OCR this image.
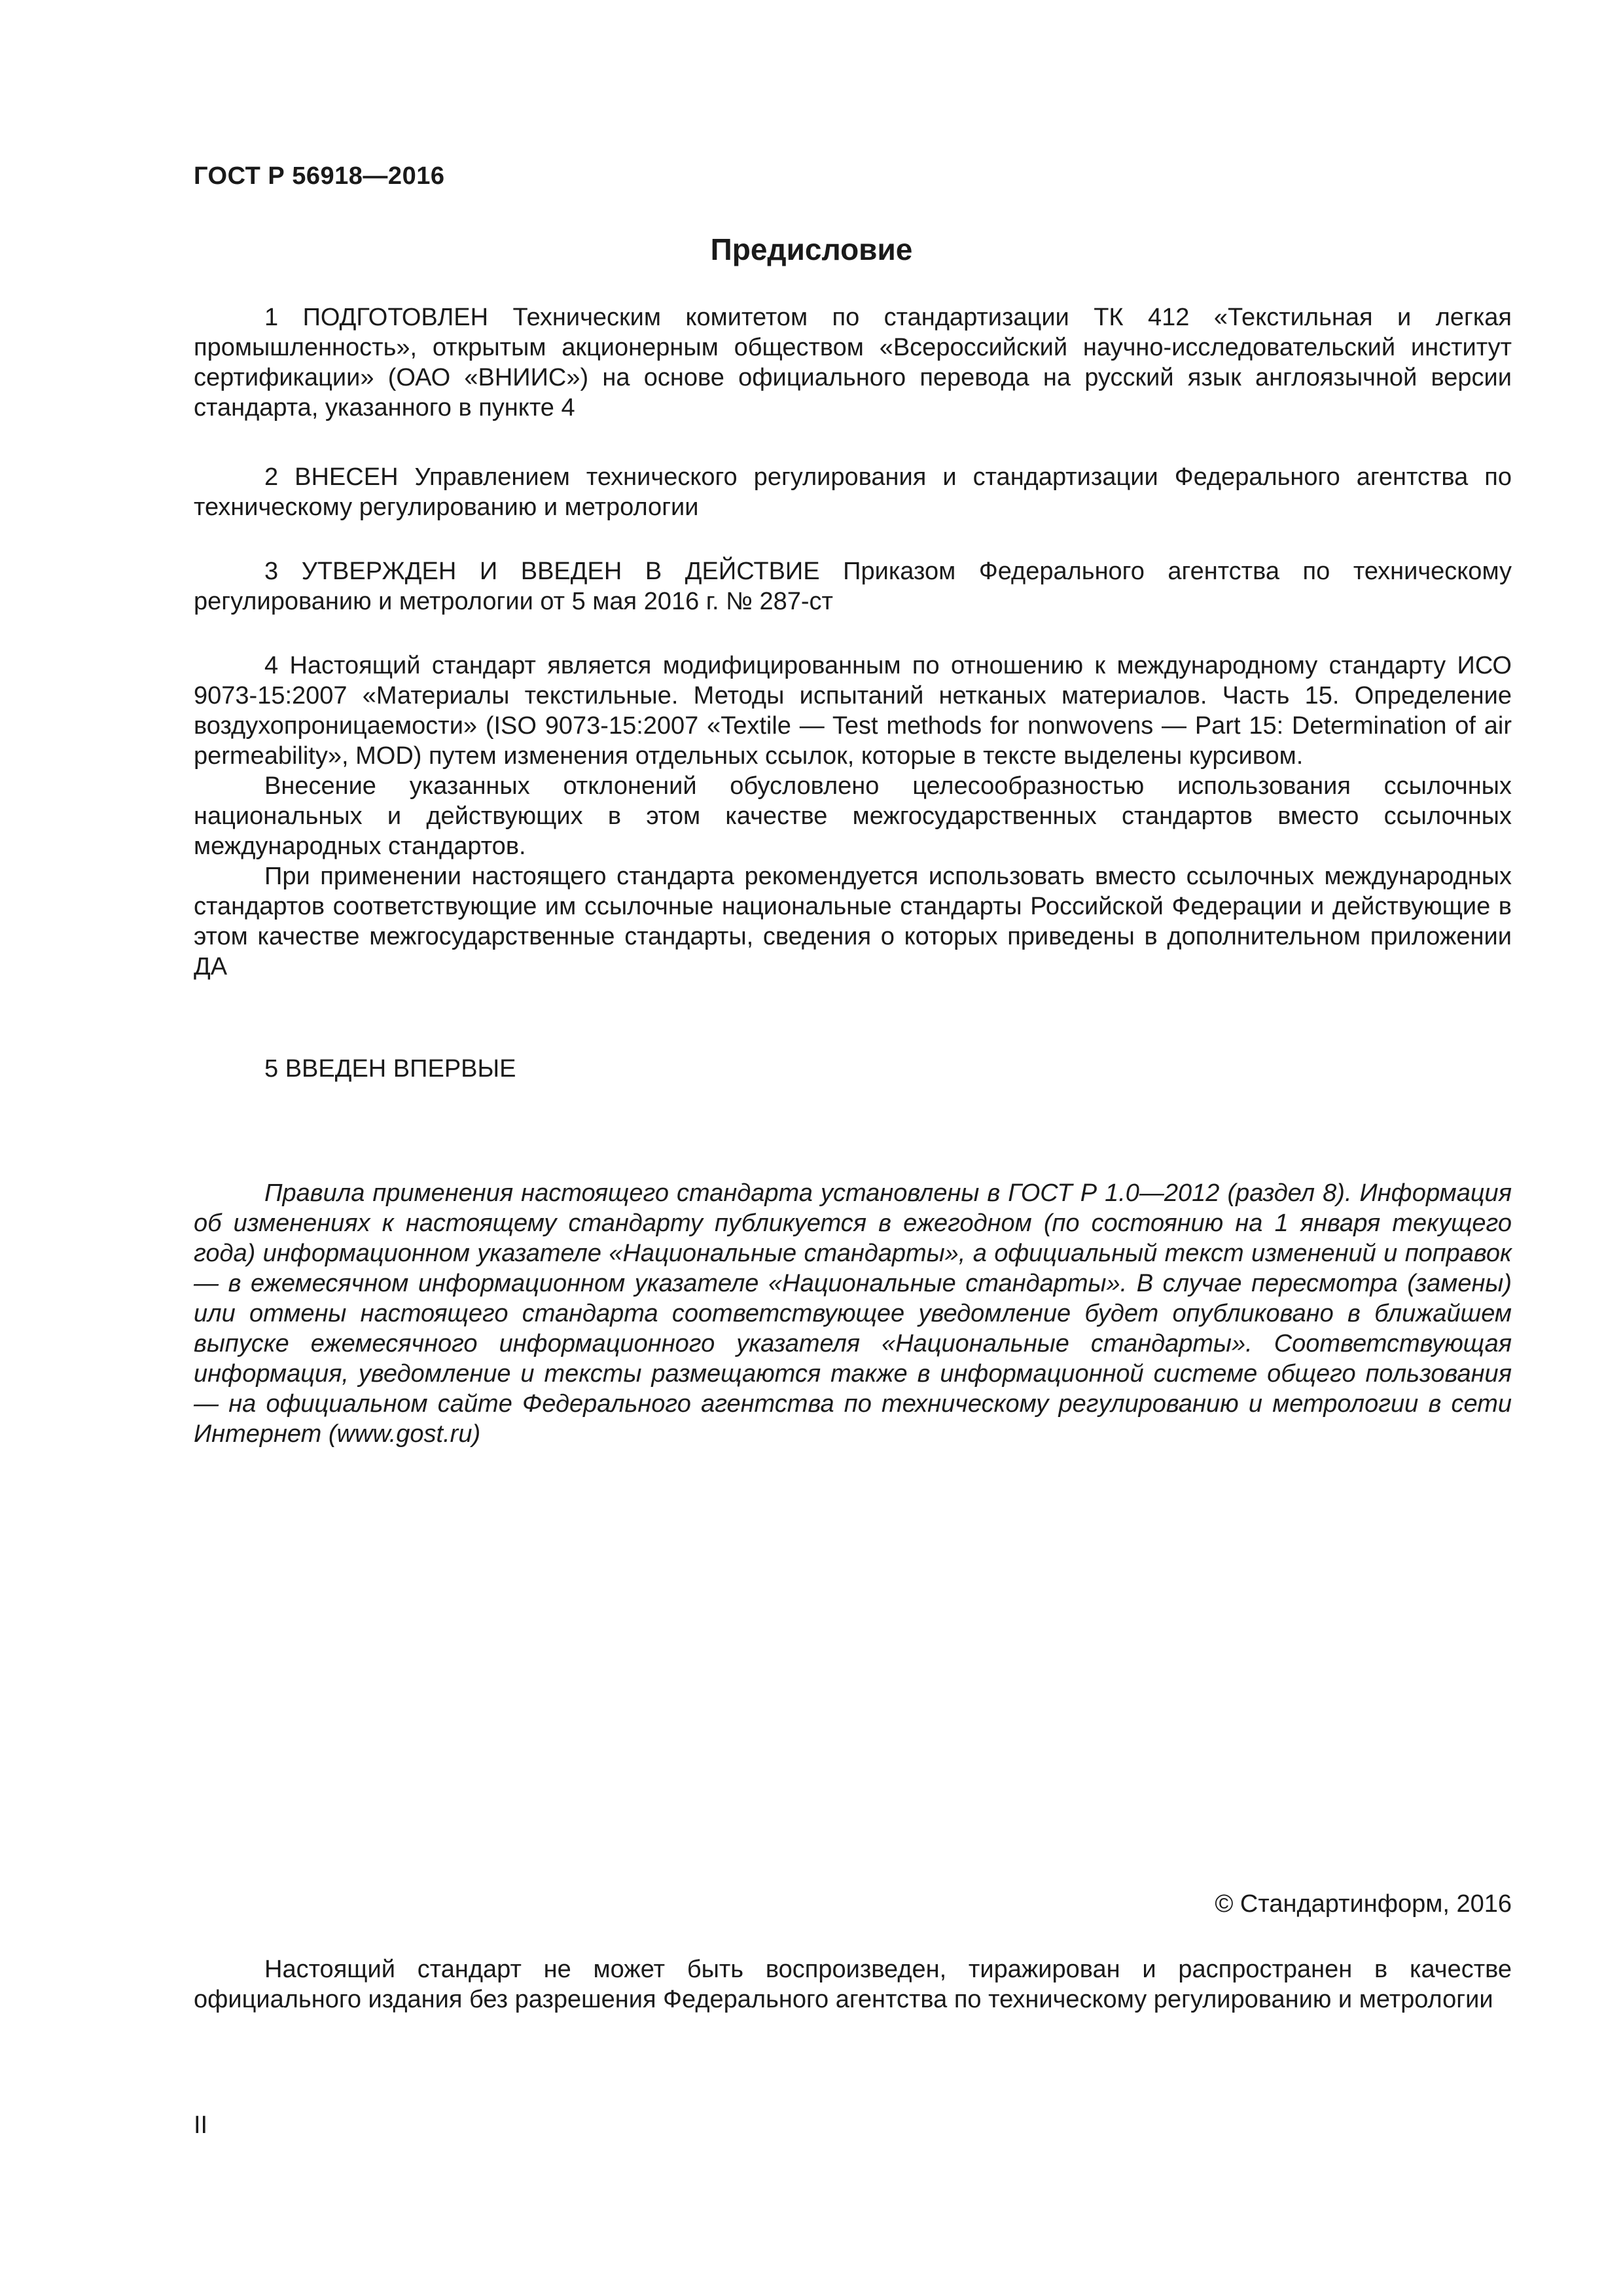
ГОСТ Р 56918—2016
Предисловие

1 ПОДГОТОВЛЕН Техническим комитетом по стандартизации ТК 412 «Текстильная и легкая промышленность», открытым акционерным обществом «Всероссийский научно-исследовательский институт сертификации» (ОАО «ВНИИС») на основе официального перевода на русский язык англоязычной версии стандарта, указанного в пункте 4

2 ВНЕСЕН Управлением технического регулирования и стандартизации Федерального агентства по техническому регулированию и метрологии

3 УТВЕРЖДЕН И ВВЕДЕН В ДЕЙСТВИЕ Приказом Федерального агентства по техническому регулированию и метрологии от 5 мая 2016 г. № 287-ст

4 Настоящий стандарт является модифицированным по отношению к международному стандарту ИСО 9073-15:2007 «Материалы текстильные. Методы испытаний нетканых материалов. Часть 15. Определение воздухопроницаемости» (ISO 9073-15:2007 «Textile — Test methods for nonwovens — Part 15: Determination of air permeability», MOD) путем изменения отдельных ссылок, которые в тексте выделены курсивом.

Внесение указанных отклонений обусловлено целесообразностью использования ссылочных национальных и действующих в этом качестве межгосударственных стандартов вместо ссылочных международных стандартов.

При применении настоящего стандарта рекомендуется использовать вместо ссылочных международных стандартов соответствующие им ссылочные национальные стандарты Российской Федерации и действующие в этом качестве межгосударственные стандарты, сведения о которых приведены в дополнительном приложении ДА

5 ВВЕДЕН ВПЕРВЫЕ

Правила применения настоящего стандарта установлены в ГОСТ Р 1.0—2012 (раздел 8). Информация об изменениях к настоящему стандарту публикуется в ежегодном (по состоянию на 1 января текущего года) информационном указателе «Национальные стандарты», а официальный текст изменений и поправок — в ежемесячном информационном указателе «Национальные стандарты». В случае пересмотра (замены) или отмены настоящего стандарта соответствующее уведомление будет опубликовано в ближайшем выпуске ежемесячного информационного указателя «Национальные стандарты». Соответствующая информация, уведомление и тексты размещаются также в информационной системе общего пользования — на официальном сайте Федерального агентства по техническому регулированию и метрологии в сети Интернет (www.gost.ru)

© Стандартинформ, 2016

Настоящий стандарт не может быть воспроизведен, тиражирован и распространен в качестве официального издания без разрешения Федерального агентства по техническому регулированию и метрологии

II
